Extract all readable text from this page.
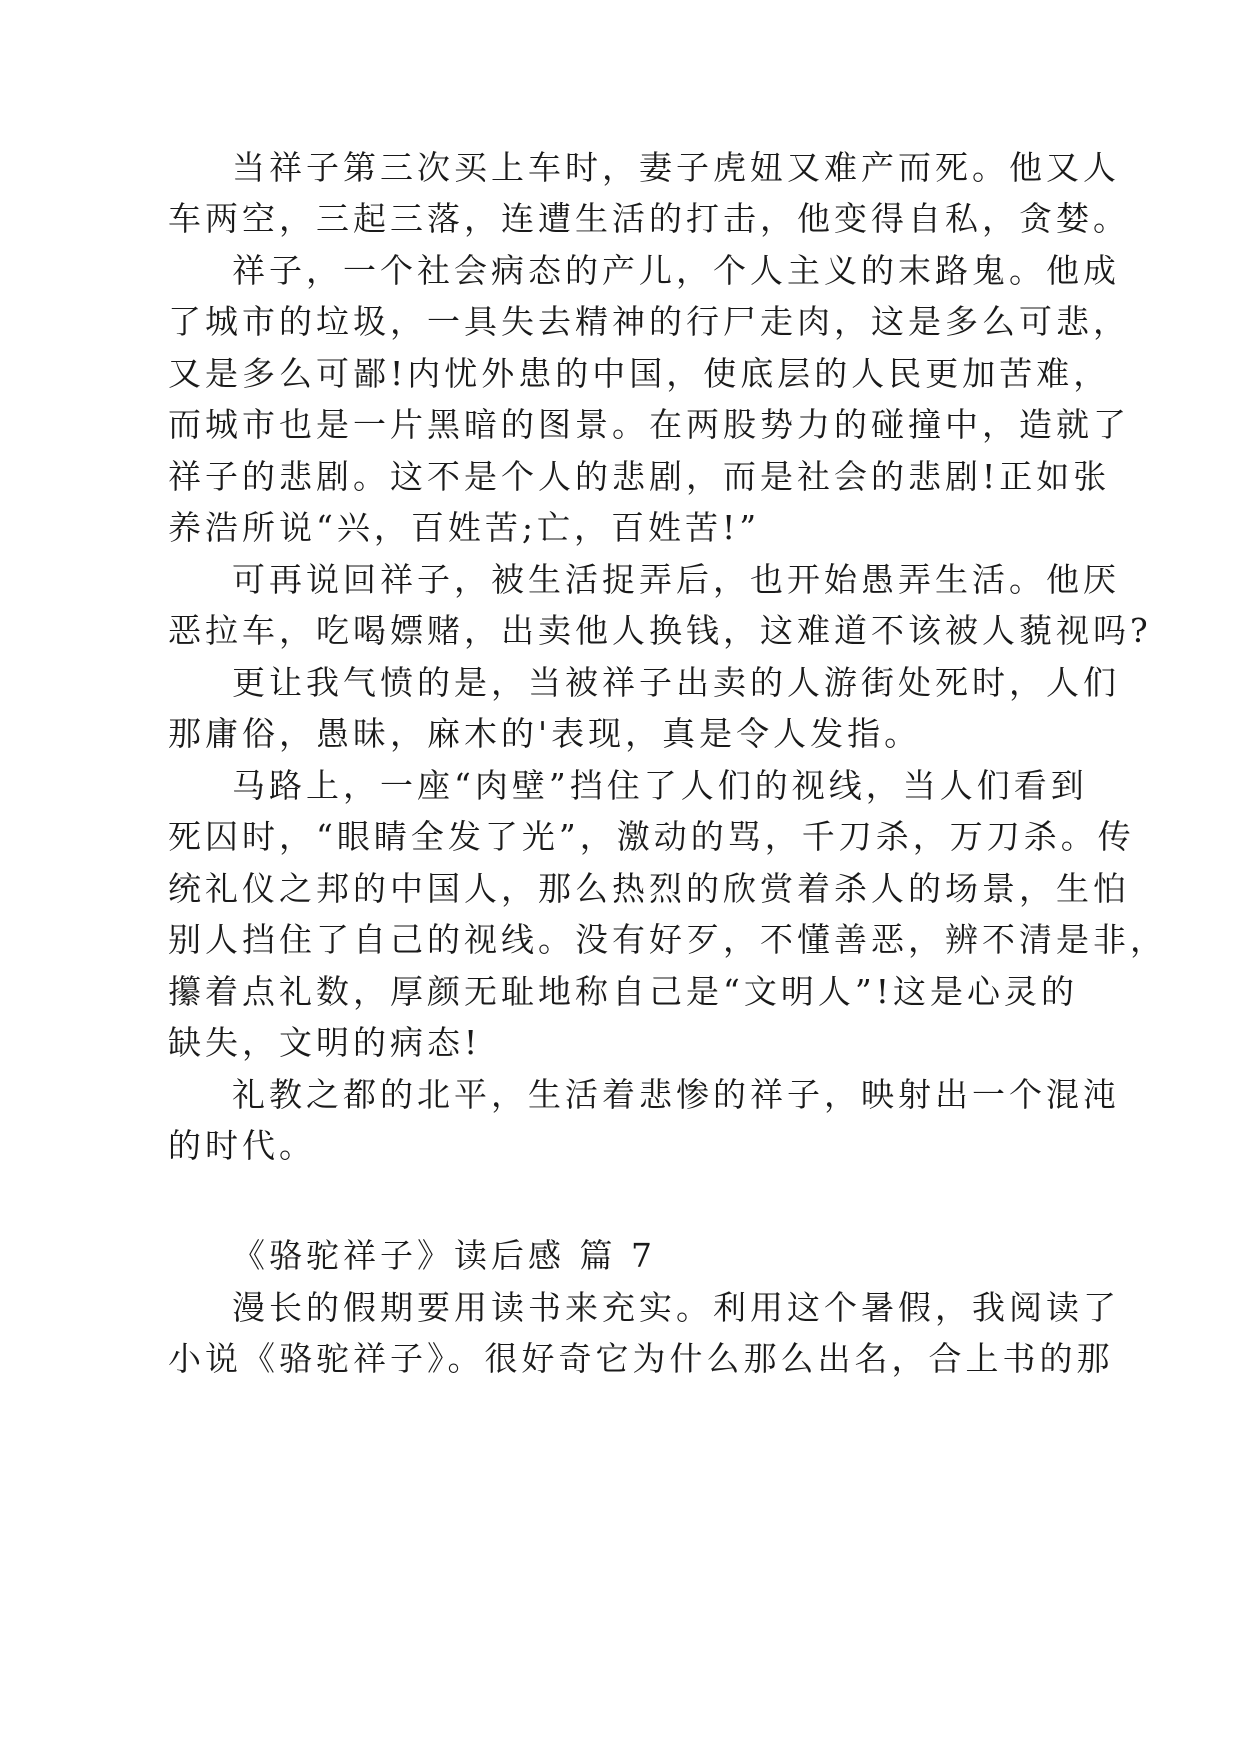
当祥子第三次买上车时，妻子虎妞又难产而死。他又人
车两空，三起三落，连遭生活的打击，他变得自私，贪婪。
祥子，一个社会病态的产儿，个人主义的末路鬼。他成
了城市的垃圾，一具失去精神的行尸走肉，这是多么可悲，
又是多么可鄙!内忧外患的中国，使底层的人民更加苦难，
而城市也是一片黑暗的图景。在两股势力的碰撞中，造就了
祥子的悲剧。这不是个人的悲剧，而是社会的悲剧!正如张
养浩所说“兴，百姓苦;亡，百姓苦!”
可再说回祥子，被生活捉弄后，也开始愚弄生活。他厌
恶拉车，吃喝嫖赌，出卖他人换钱，这难道不该被人藐视吗?
更让我气愤的是，当被祥子出卖的人游街处死时，人们
那庸俗，愚昧，麻木的'表现，真是令人发指。
马路上，一座“肉壁”挡住了人们的视线，当人们看到
死囚时，“眼睛全发了光”，激动的骂，千刀杀，万刀杀。传
统礼仪之邦的中国人，那么热烈的欣赏着杀人的场景，生怕
别人挡住了自己的视线。没有好歹，不懂善恶，辨不清是非，
攥着点礼数，厚颜无耻地称自己是“文明人”!这是心灵的
缺失，文明的病态!
礼教之都的北平，生活着悲惨的祥子，映射出一个混沌
的时代。
《骆驼祥子》读后感 篇 7
漫长的假期要用读书来充实。利用这个暑假，我阅读了
小说《骆驼祥子》。很好奇它为什么那么出名，合上书的那
